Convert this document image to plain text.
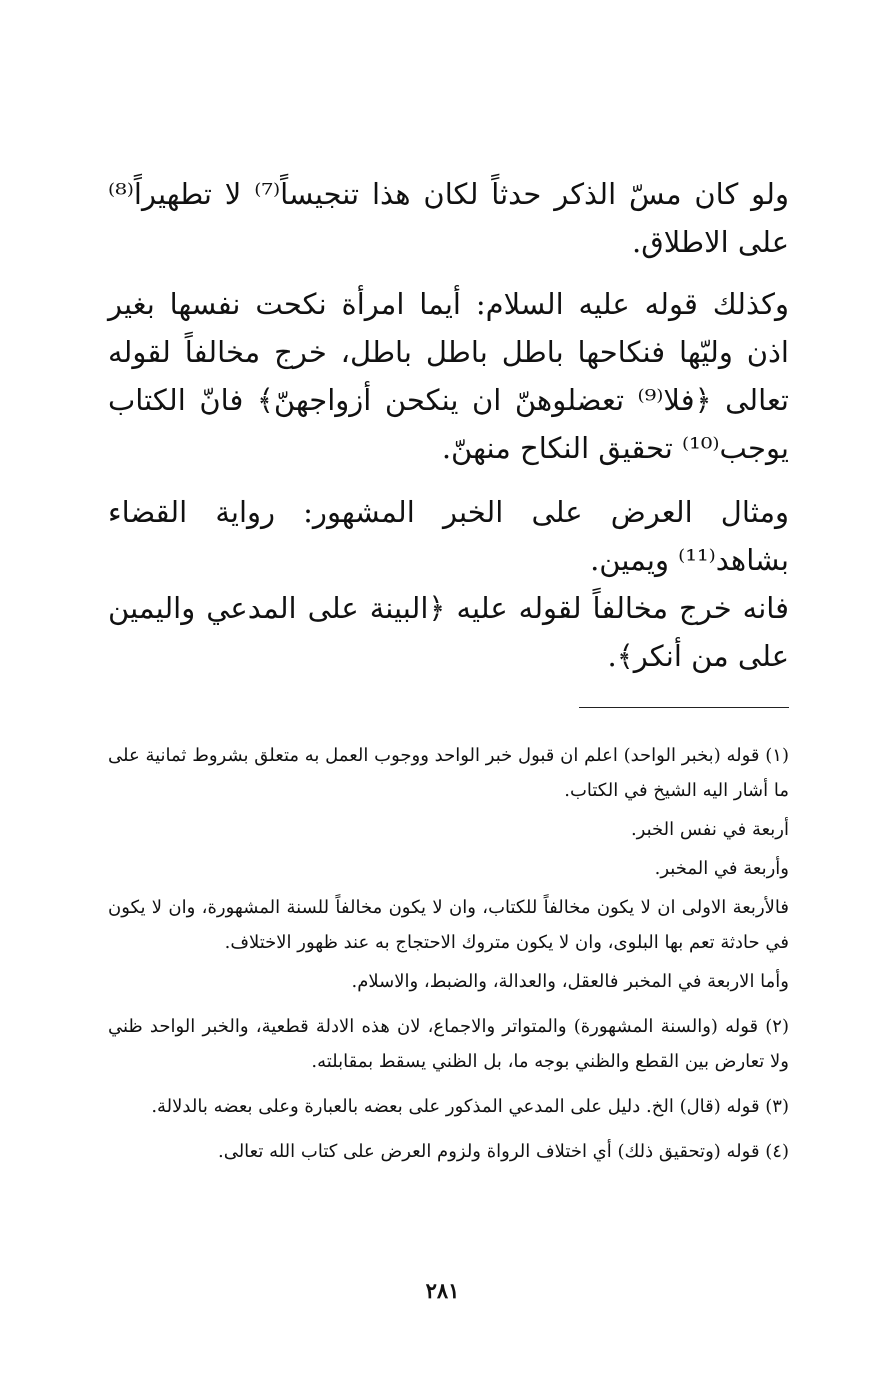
ولو كان مسّ الذكر حدثاً لكان هذا تنجيساً⁽⁷⁾ لا تطهيراً⁽⁸⁾ على الاطلاق.

وكذلك قوله عليه السلام: أيما امرأة نكحت نفسها بغير اذن وليّها فنكاحها باطل باطل باطل، خرج مخالفاً لقوله تعالى ﴿فلا⁽⁹⁾ تعضلوهنّ ان ينكحن أزواجهنّ﴾ فانّ الكتاب يوجب⁽¹⁰⁾ تحقيق النكاح منهنّ.

ومثال العرض على الخبر المشهور: رواية القضاء بشاهد⁽¹¹⁾ ويمين.

فانه خرج مخالفاً لقوله عليه ﴿البينة على المدعي واليمين على من أنكر﴾.

(١) قوله (بخبر الواحد) اعلم ان قبول خبر الواحد ووجوب العمل به متعلق بشروط ثمانية على ما أشار اليه الشيخ في الكتاب.

أربعة في نفس الخبر.

وأربعة في المخبر.

فالأربعة الاولى ان لا يكون مخالفاً للكتاب، وان لا يكون مخالفاً للسنة المشهورة، وان لا يكون في حادثة تعم بها البلوى، وان لا يكون متروك الاحتجاج به عند ظهور الاختلاف.

وأما الاربعة في المخبر فالعقل، والعدالة، والضبط، والاسلام.

(٢) قوله (والسنة المشهورة) والمتواتر والاجماع، لان هذه الادلة قطعية، والخبر الواحد ظني ولا تعارض بين القطع والظني بوجه ما، بل الظني يسقط بمقابلته.

(٣) قوله (قال) الخ. دليل على المدعي المذكور على بعضه بالعبارة وعلى بعضه بالدلالة.

(٤) قوله (وتحقيق ذلك) أي اختلاف الرواة ولزوم العرض على كتاب الله تعالى.

٢٨١
